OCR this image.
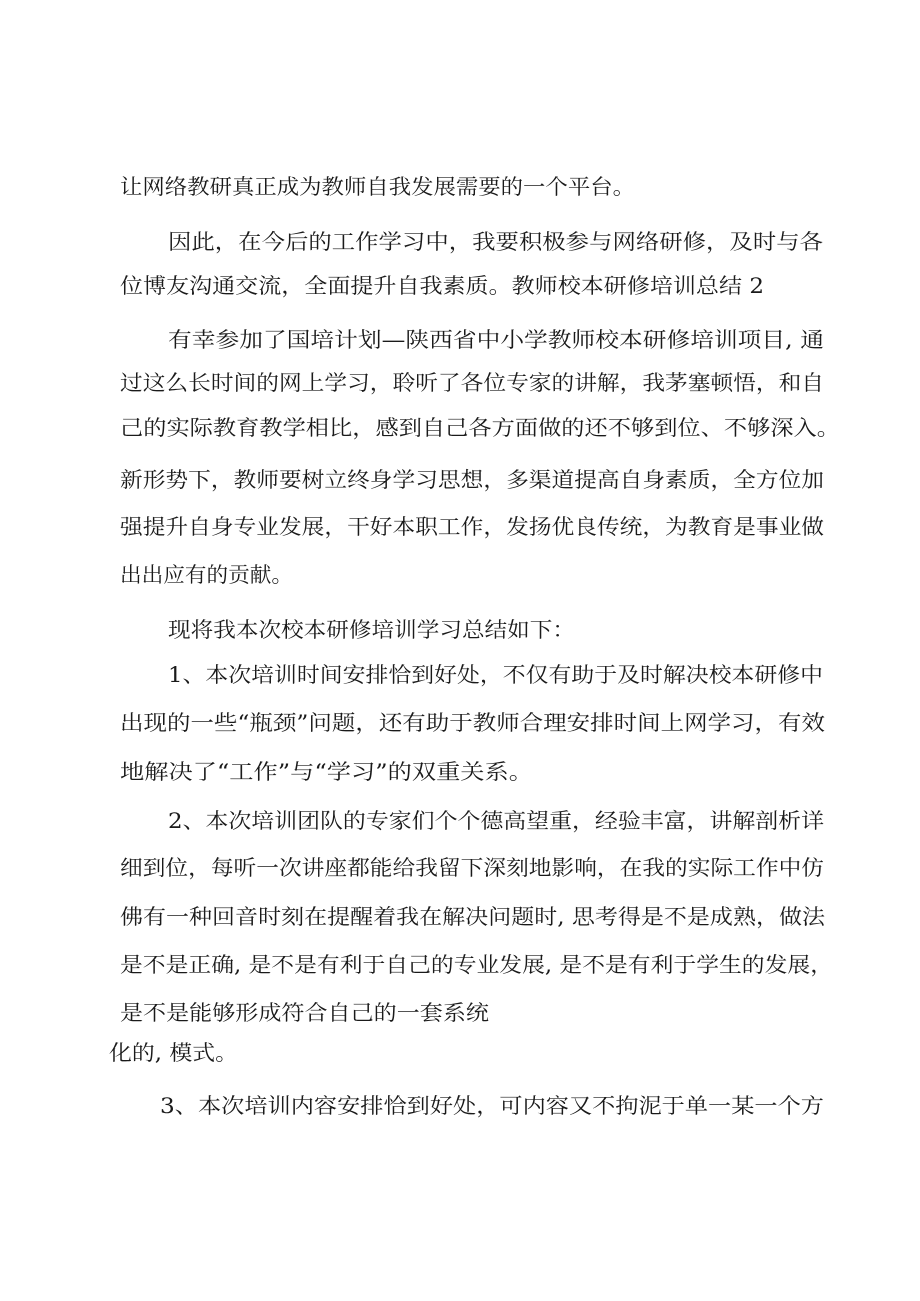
让网络教研真正成为教师自我发展需要的一个平台。
因此，在今后的工作学习中，我要积极参与网络研修，及时与各
位博友沟通交流，全面提升自我素质。教师校本研修培训总结 2
有幸参加了国培计划—陕西省中小学教师校本研修培训项目, 通
过这么长时间的网上学习，聆听了各位专家的讲解，我茅塞顿悟，和自
己的实际教育教学相比，感到自己各方面做的还不够到位、不够深入。
新形势下，教师要树立终身学习思想，多渠道提高自身素质，全方位加
强提升自身专业发展，干好本职工作，发扬优良传统，为教育是事业做
出出应有的贡献。
现将我本次校本研修培训学习总结如下：
1、本次培训时间安排恰到好处，不仅有助于及时解决校本研修中
出现的一些“瓶颈”问题，还有助于教师合理安排时间上网学习，有效
地解决了“工作”与“学习”的双重关系。
2、本次培训团队的专家们个个德高望重，经验丰富，讲解剖析详
细到位，每听一次讲座都能给我留下深刻地影响，在我的实际工作中仿
佛有一种回音时刻在提醒着我在解决问题时, 思考得是不是成熟，做法
是不是正确, 是不是有利于自己的专业发展, 是不是有利于学生的发展，
是不是能够形成符合自己的一套系统
化的, 模式。
3、本次培训内容安排恰到好处，可内容又不拘泥于单一某一个方
